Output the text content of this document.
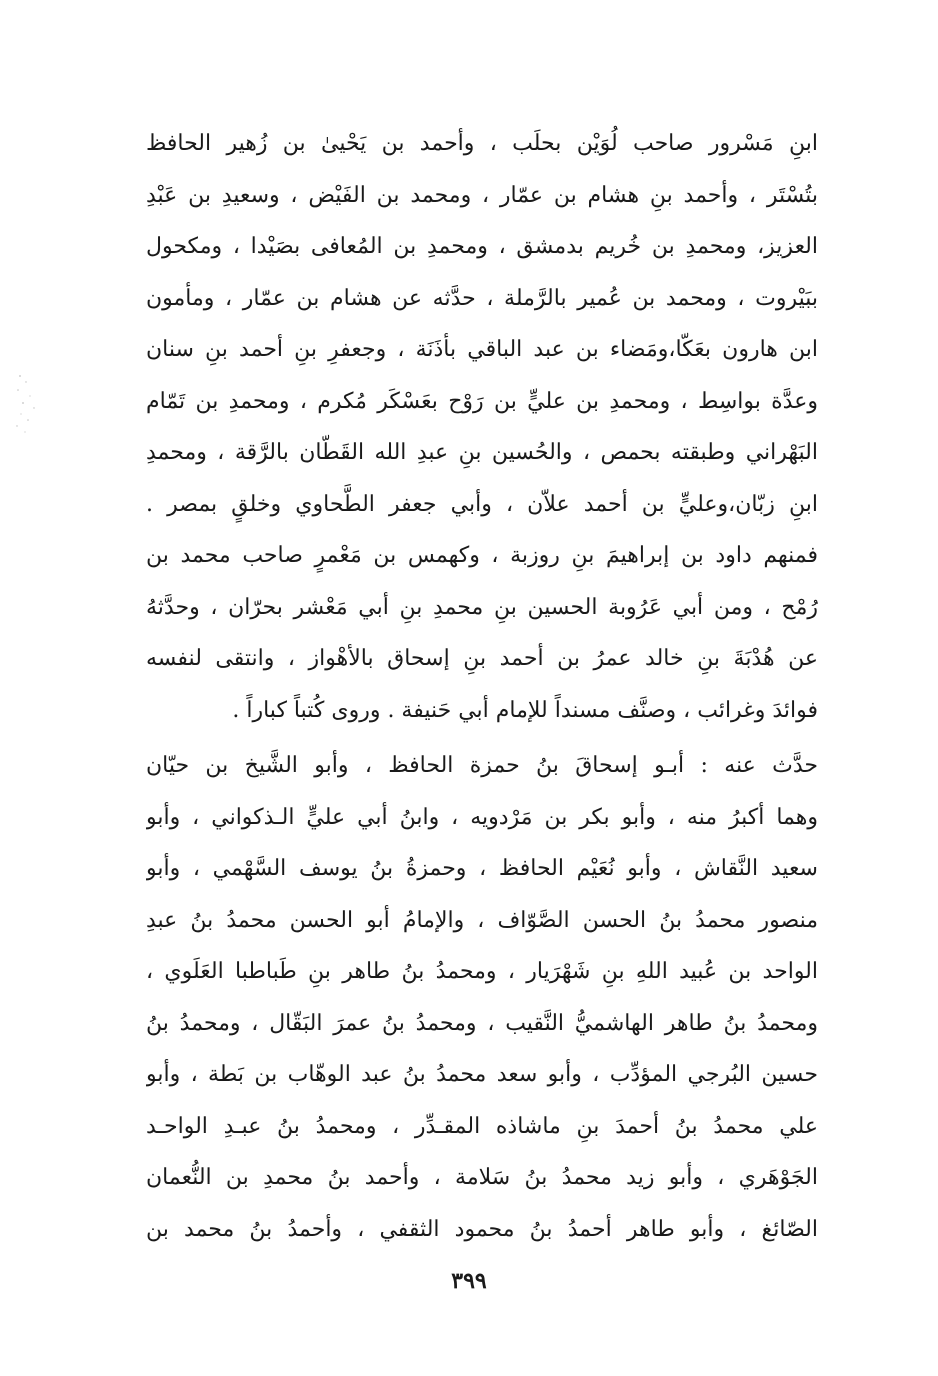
ابنِ مَسْرور صاحب لُوَيْن بحلَب ، وأحمد بن يَحْيىٰ بن زُهير الحافظ
بتُسْتَر ، وأحمد بنِ هشام بن عمّار ، ومحمد بن الفَيْض ، وسعيدِ بن عَبْدِ
العزيز، ومحمدِ بن خُريم بدمشق ، ومحمدِ بن المُعافى بصَيْدا ، ومكحول
ببَيْروت ، ومحمد بن عُمير بالرَّملة ، حدَّثه عن هشام بن عمّار ، ومأمون
ابن هارون بعَكّا،ومَضاء بن عبد الباقي بأذَنَة ، وجعفرِ بنِ أحمد بنِ سنان
وعدَّة بواسِط ، ومحمدِ بن عليٍّ بن رَوْح بعَسْكَر مُكرم ، ومحمدِ بن تَمّام
البَهْراني وطبقته بحمص ، والحُسين بنِ عبدِ الله القَطّان بالرَّقة ، ومحمدِ
ابنِ زبّان،وعليٍّ بن أحمد علاّن ، وأبي جعفر الطَّحاوي وخلقٍ بمصر .
فمنهم داود بن إبراهيمَ بنِ روزبة ، وكهمس بن مَعْمرٍ صاحب محمد بن
رُمْح ، ومن أبي عَرُوبة الحسين بنِ محمدِ بنِ أبي مَعْشر بحرّان ، وحدَّثهُ
عن هُدْبَةَ بنِ خالد عمرُ بن أحمد بنِ إسحاق بالأهْواز ، وانتقى لنفسه
فوائدَ وغرائب ، وصنَّف مسنداً للإمام أبي حَنيفة . وروى كُتباً كباراً .
حدَّث عنه : أبـو إسحاقَ بنُ حمزة الحافظ ، وأبو الشَّيخ بن حيّان
وهما أكبرُ منه ، وأبو بكر بن مَرْدويه ، وابنُ أبي عليٍّ الـذكواني ، وأبو
سعيد النَّقاش ، وأبو نُعَيْم الحافظ ، وحمزةُ بنُ يوسف السَّهْمي ، وأبو
منصور محمدُ بنُ الحسن الصَّوّاف ، والإمامُ أبو الحسن محمدُ بنُ عبدِ
الواحد بن عُبيد اللهِ بنِ شَهْرَيار ، ومحمدُ بنُ طاهر بنِ طَباطبا العَلَوي ،
ومحمدُ بنُ طاهر الهاشميُّ النَّقيب ، ومحمدُ بنُ عمرَ البَقّال ، ومحمدُ بنُ
حسين البُرجي المؤدِّب ، وأبو سعد محمدُ بنُ عبد الوهّاب بن بَطة ، وأبو
علي محمدُ بنُ أحمدَ بنِ ماشاذه المقـدِّر ، ومحمدُ بنُ عبـدِ الواحـد
الجَوْهَري ، وأبو زيد محمدُ بنُ سَلامة ، وأحمد بنُ محمدِ بن النُّعمان
الصّائغ ، وأبو طاهر أحمدُ بنُ محمود الثقفي ، وأحمدُ بنُ محمد بن
٣٩٩
